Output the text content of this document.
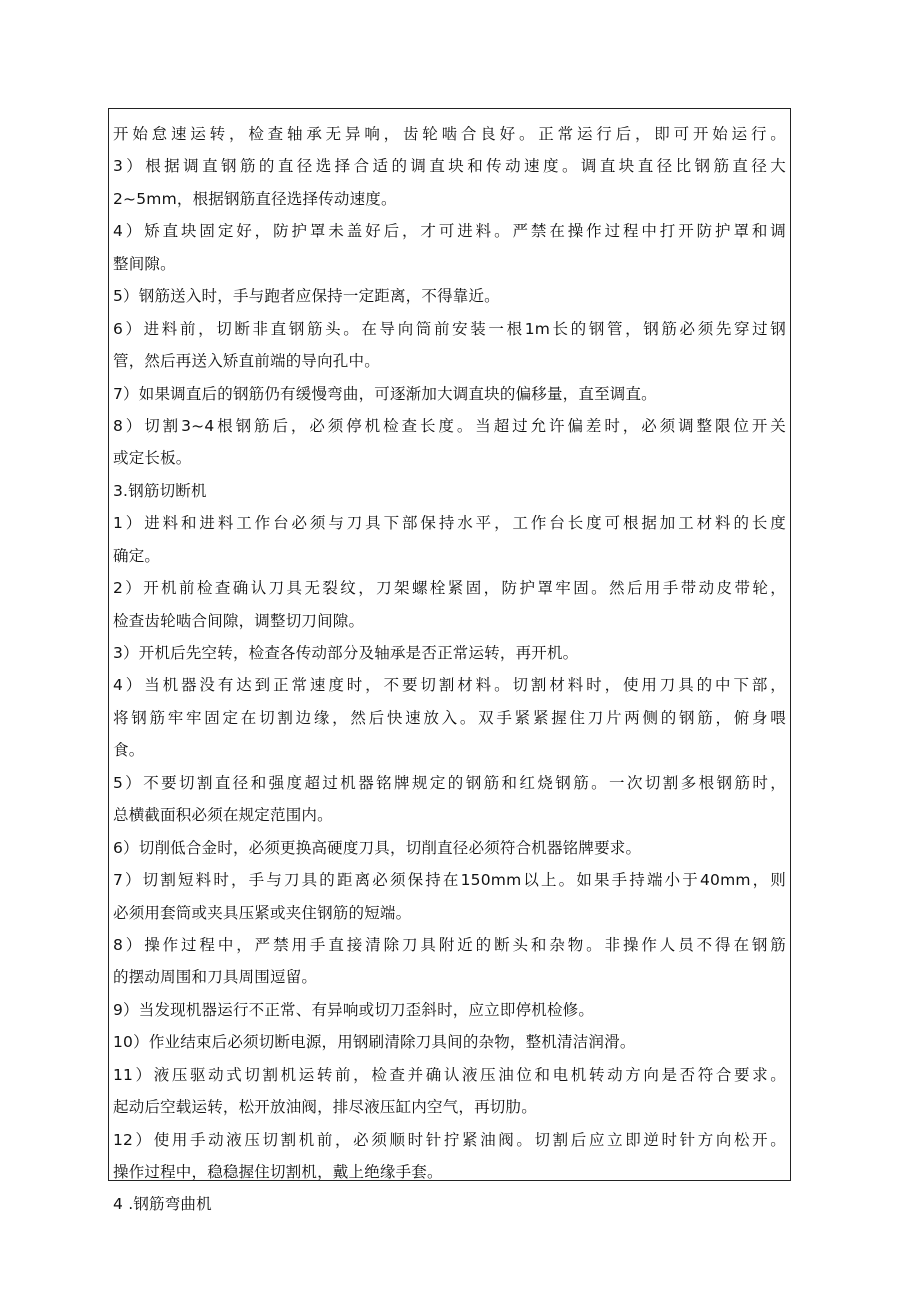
开始怠速运转，检查轴承无异响，齿轮啮合良好。正常运行后，即可开始运行。
3）根据调直钢筋的直径选择合适的调直块和传动速度。调直块直径比钢筋直径大
2~5mm，根据钢筋直径选择传动速度。
4）矫直块固定好，防护罩未盖好后，才可进料。严禁在操作过程中打开防护罩和调
整间隙。
5）钢筋送入时，手与跑者应保持一定距离，不得靠近。
6）进料前，切断非直钢筋头。在导向筒前安装一根1m长的钢管，钢筋必须先穿过钢
管，然后再送入矫直前端的导向孔中。
7）如果调直后的钢筋仍有缓慢弯曲，可逐渐加大调直块的偏移量，直至调直。
8）切割3~4根钢筋后，必须停机检查长度。当超过允许偏差时，必须调整限位开关
或定长板。
3.钢筋切断机
1）进料和进料工作台必须与刀具下部保持水平，工作台长度可根据加工材料的长度
确定。
2）开机前检查确认刀具无裂纹，刀架螺栓紧固，防护罩牢固。然后用手带动皮带轮，
检查齿轮啮合间隙，调整切刀间隙。
3）开机后先空转，检查各传动部分及轴承是否正常运转，再开机。
4）当机器没有达到正常速度时，不要切割材料。切割材料时，使用刀具的中下部，
将钢筋牢牢固定在切割边缘，然后快速放入。双手紧紧握住刀片两侧的钢筋，俯身喂
食。
5）不要切割直径和强度超过机器铭牌规定的钢筋和红烧钢筋。一次切割多根钢筋时，
总横截面积必须在规定范围内。
6）切削低合金时，必须更换高硬度刀具，切削直径必须符合机器铭牌要求。
7）切割短料时，手与刀具的距离必须保持在150mm以上。如果手持端小于40mm，则
必须用套筒或夹具压紧或夹住钢筋的短端。
8）操作过程中，严禁用手直接清除刀具附近的断头和杂物。非操作人员不得在钢筋
的摆动周围和刀具周围逗留。
9）当发现机器运行不正常、有异响或切刀歪斜时，应立即停机检修。
10）作业结束后必须切断电源，用钢刷清除刀具间的杂物，整机清洁润滑。
11）液压驱动式切割机运转前，检查并确认液压油位和电机转动方向是否符合要求。
起动后空载运转，松开放油阀，排尽液压缸内空气，再切肋。
12）使用手动液压切割机前，必须顺时针拧紧油阀。切割后应立即逆时针方向松开。
操作过程中，稳稳握住切割机，戴上绝缘手套。
4 .钢筋弯曲机
